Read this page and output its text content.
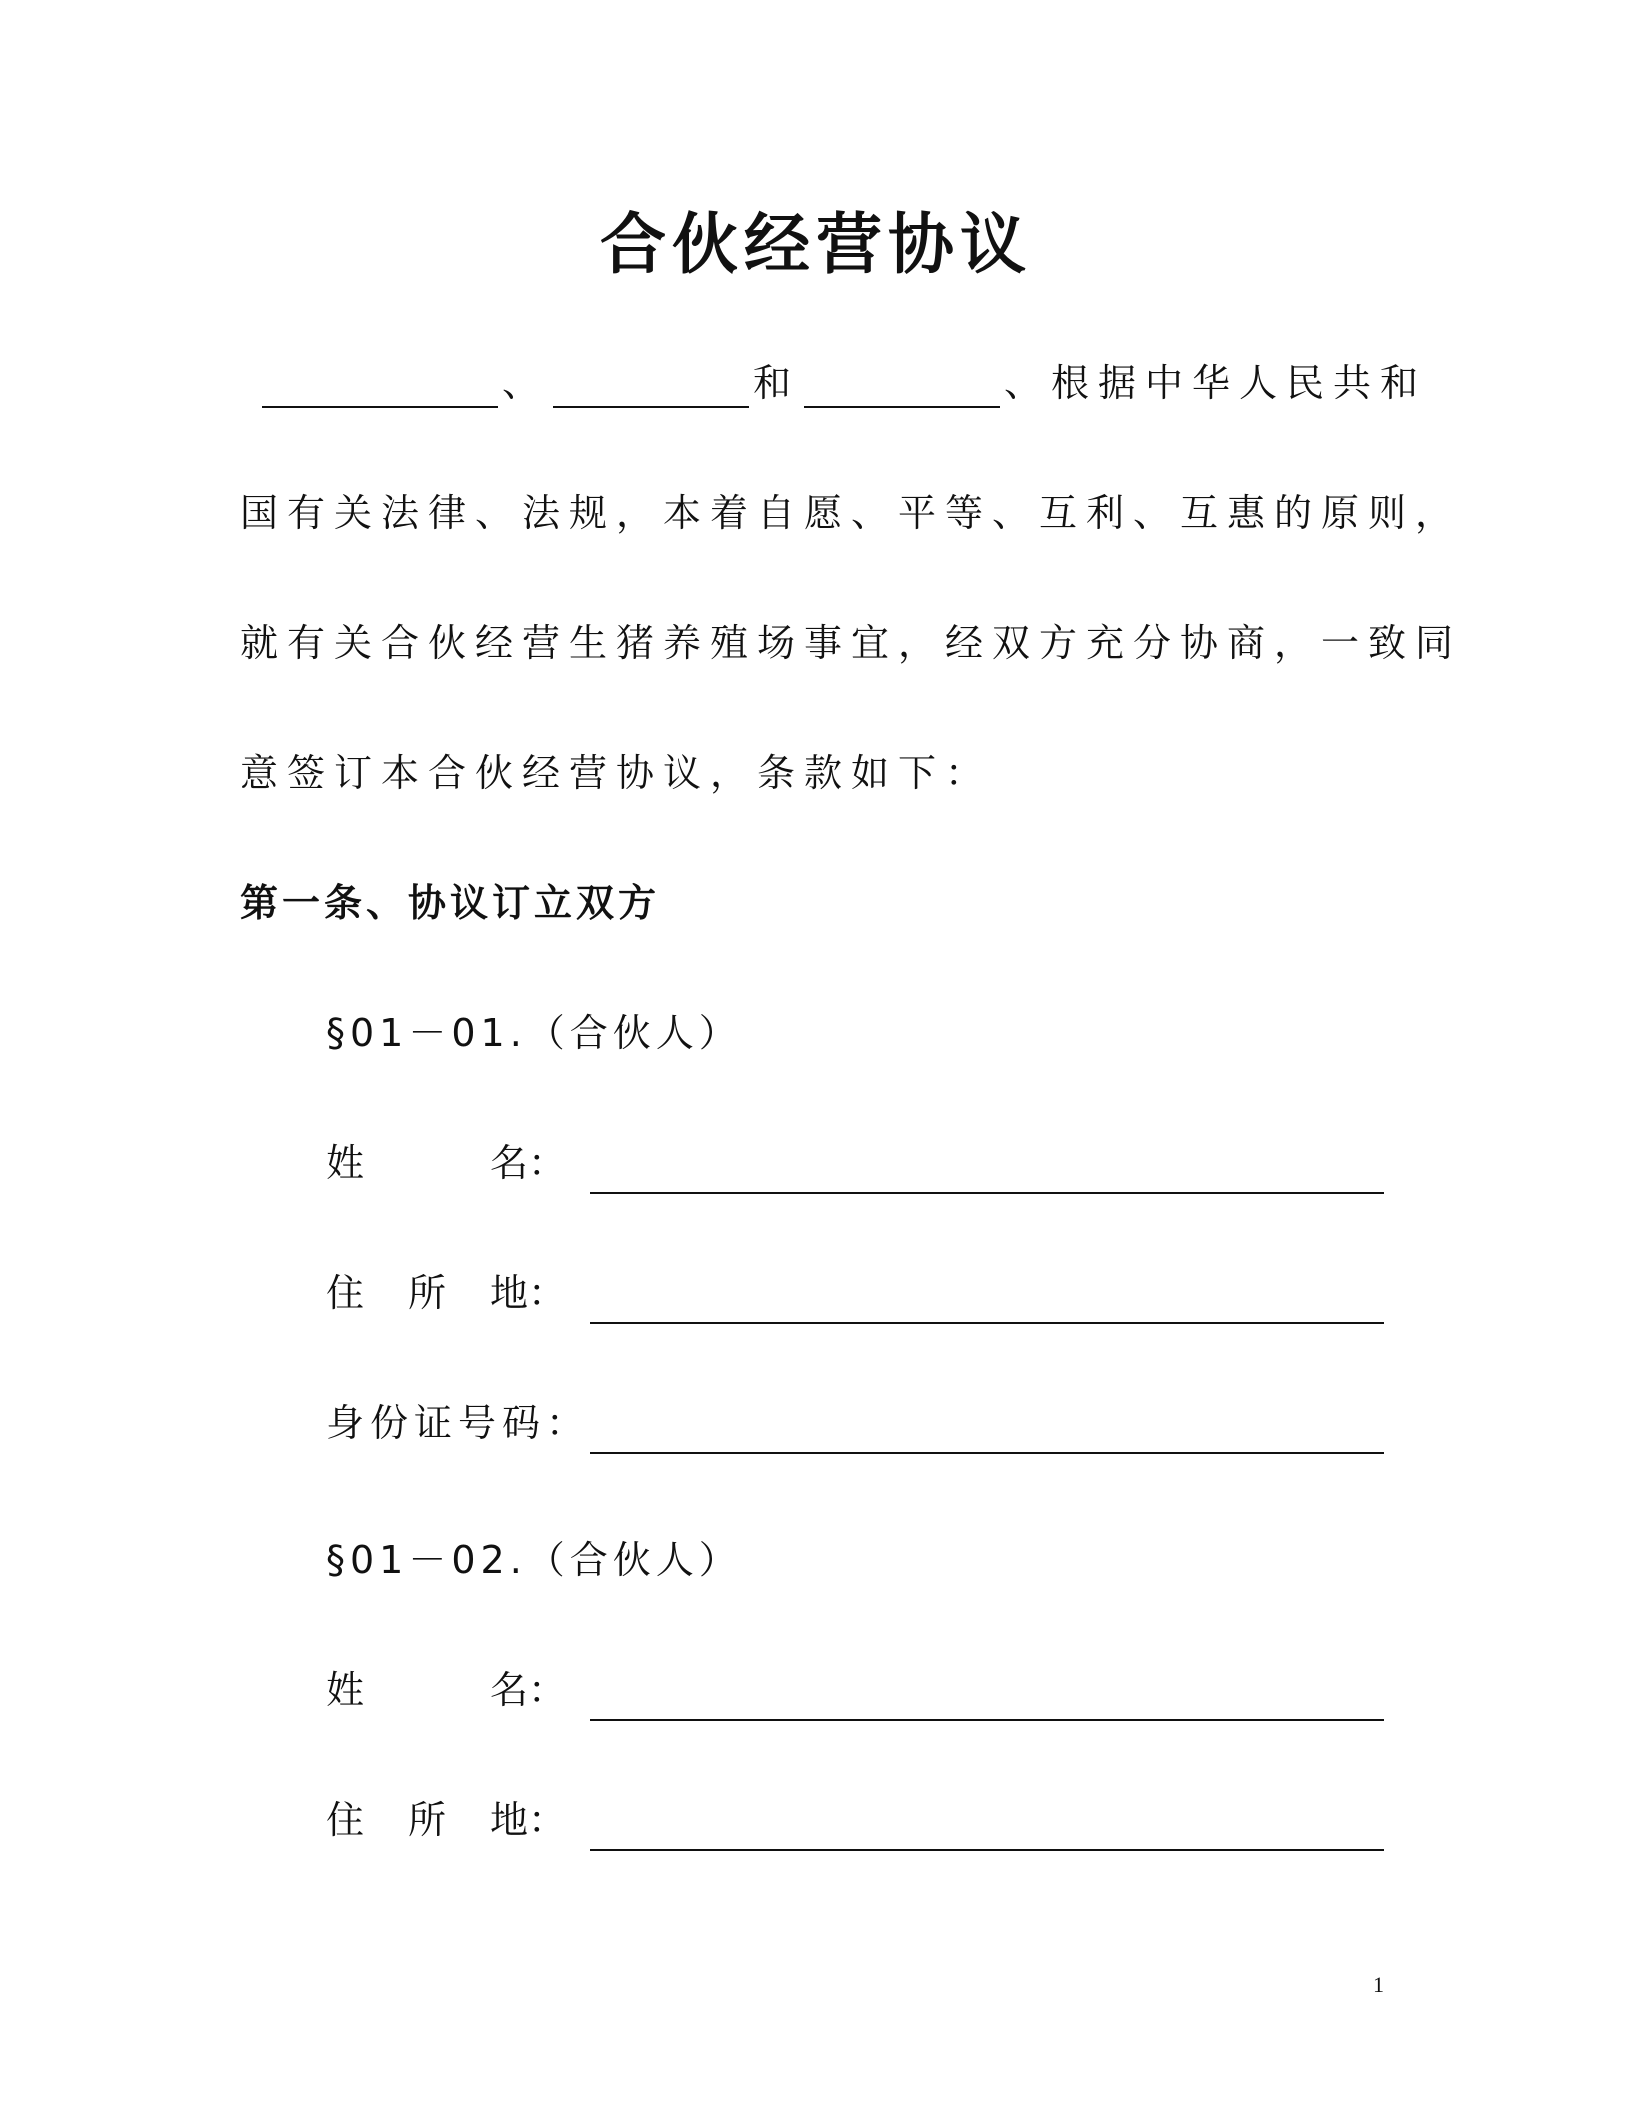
合伙经营协议
、	和	、根据中华人民共和
国有关法律、法规，本着自愿、平等、互利、互惠的原则，
就有关合伙经营生猪养殖场事宜，经双方充分协商，一致同
意签订本合伙经营协议，条款如下：
第一条、协议订立双方
§01－01.（合伙人）
姓	名：
住 所 地：
身份证号码：
§01－02.（合伙人）
姓	名：
住 所 地：
1
